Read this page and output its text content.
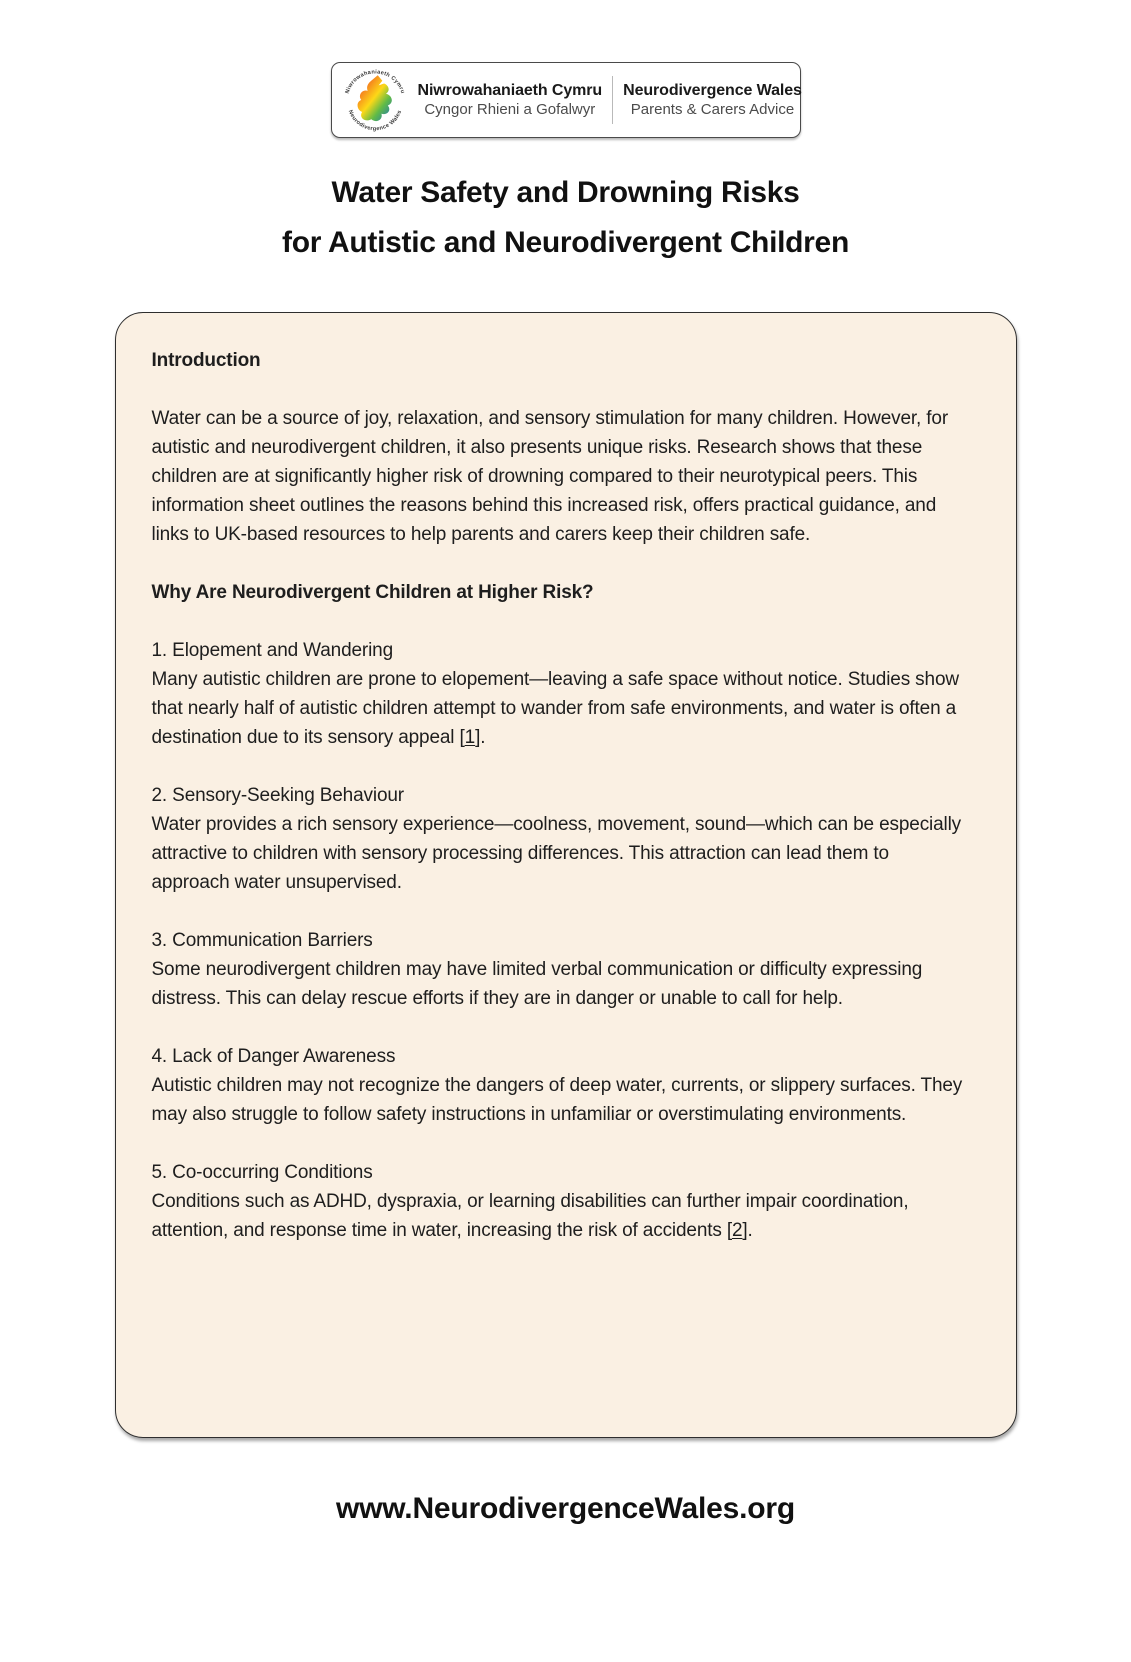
Niwrowahaniaeth Cymru
Neurodivergence Wales
Niwrowahaniaeth Cymru
Cyngor Rhieni a Gofalwyr
Neurodivergence Wales
Parents & Carers Advice
Water Safety and Drowning Risks
for Autistic and Neurodivergent Children
Introduction

Water can be a source of joy, relaxation, and sensory stimulation for many children. However, for autistic and neurodivergent children, it also presents unique risks. Research shows that these children are at significantly higher risk of drowning compared to their neurotypical peers. This information sheet outlines the reasons behind this increased risk, offers practical guidance, and links to UK-based resources to help parents and carers keep their children safe.

Why Are Neurodivergent Children at Higher Risk?
1. Elopement and Wandering

Many autistic children are prone to elopement—leaving a safe space without notice. Studies show that nearly half of autistic children attempt to wander from safe environments, and water is often a destination due to its sensory appeal [1].

2. Sensory-Seeking Behaviour

Water provides a rich sensory experience—coolness, movement, sound—which can be especially attractive to children with sensory processing differences. This attraction can lead them to approach water unsupervised.

3. Communication Barriers

Some neurodivergent children may have limited verbal communication or difficulty expressing distress. This can delay rescue efforts if they are in danger or unable to call for help.

4. Lack of Danger Awareness

Autistic children may not recognize the dangers of deep water, currents, or slippery surfaces. They may also struggle to follow safety instructions in unfamiliar or overstimulating environments.

5. Co-occurring Conditions

Conditions such as ADHD, dyspraxia, or learning disabilities can further impair coordination, attention, and response time in water, increasing the risk of accidents [2].

www.NeurodivergenceWales.org
